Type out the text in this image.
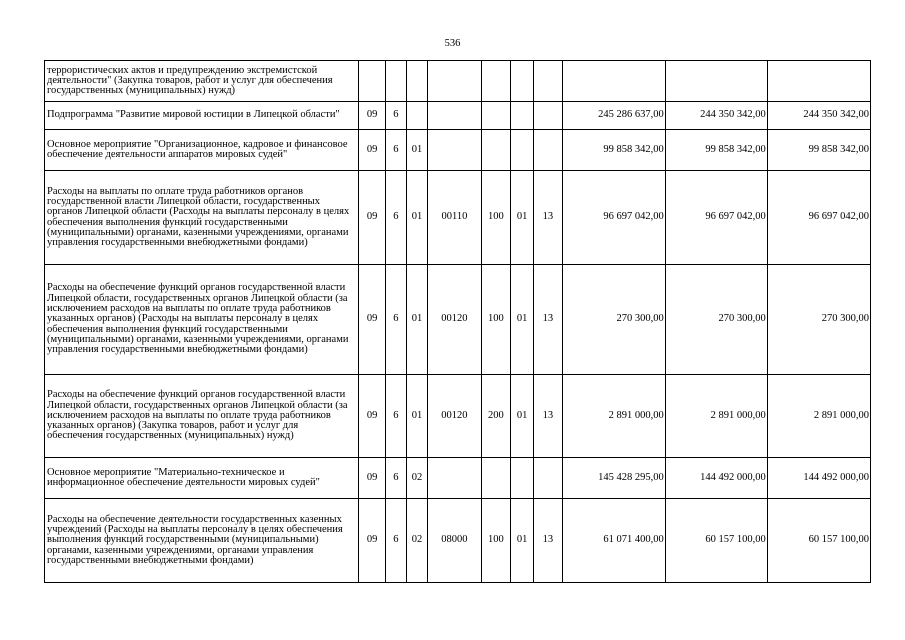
536
террористических актов и предупреждению экстремистской деятельности" (Закупка товаров, работ и услуг для обеспечения государственных (муниципальных) нужд)										
Подпрограмма "Развитие мировой юстиции в Липецкой области"	09	6						245 286 637,00	244 350 342,00	244 350 342,00
Основное мероприятие "Организационное, кадровое и финансовое обеспечение деятельности аппаратов мировых судей"	09	6	01					99 858 342,00	99 858 342,00	99 858 342,00
Расходы на выплаты по оплате труда работников органов государственной власти Липецкой области, государственных органов Липецкой области (Расходы на выплаты персоналу в целях обеспечения выполнения функций государственными (муниципальными) органами, казенными учреждениями, органами управления государственными внебюджетными фондами)	09	6	01	00110	100	01	13	96 697 042,00	96 697 042,00	96 697 042,00
Расходы на обеспечение функций органов государственной власти Липецкой области, государственных органов Липецкой области (за исключением расходов на выплаты по оплате труда работников указанных органов) (Расходы на выплаты персоналу в целях обеспечения выполнения функций государственными (муниципальными) органами, казенными учреждениями, органами управления государственными внебюджетными фондами)	09	6	01	00120	100	01	13	270 300,00	270 300,00	270 300,00
Расходы на обеспечение функций органов государственной власти Липецкой области, государственных органов Липецкой области (за исключением расходов на выплаты по оплате труда работников указанных органов) (Закупка товаров, работ и услуг для обеспечения государственных (муниципальных) нужд)	09	6	01	00120	200	01	13	2 891 000,00	2 891 000,00	2 891 000,00
Основное мероприятие "Материально-техническое и информационное обеспечение деятельности мировых судей"	09	6	02					145 428 295,00	144 492 000,00	144 492 000,00
Расходы на обеспечение деятельности государственных казенных учреждений (Расходы на выплаты персоналу в целях обеспечения выполнения функций государственными (муниципальными) органами, казенными учреждениями, органами управления государственными внебюджетными фондами)	09	6	02	08000	100	01	13	61 071 400,00	60 157 100,00	60 157 100,00
